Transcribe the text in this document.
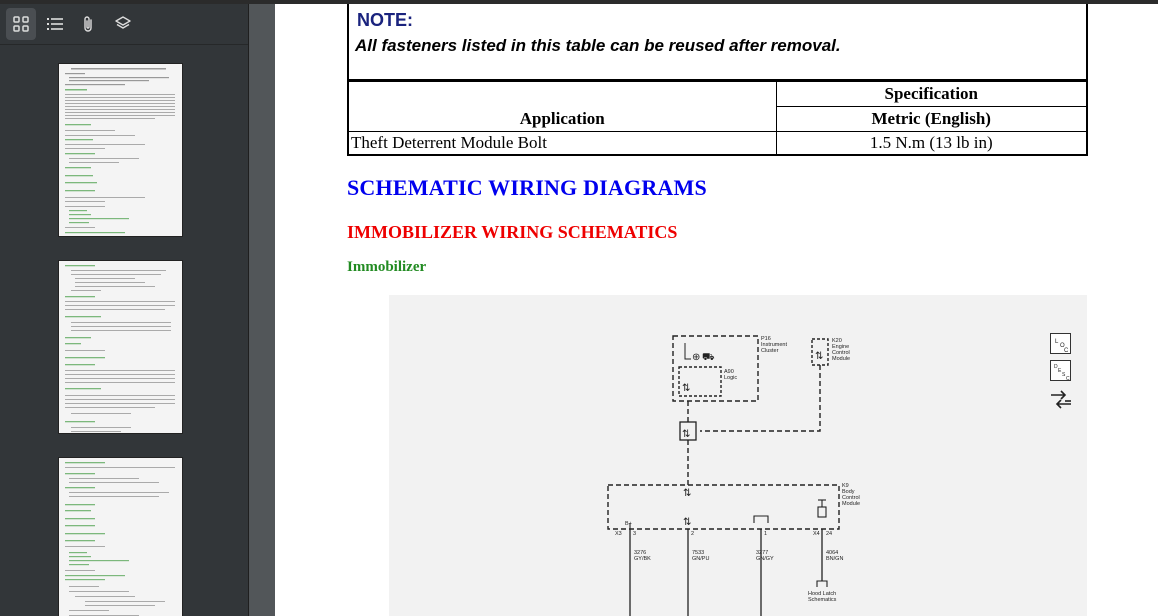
NOTE:
All fasteners listed in this table can be reused after removal.
Application	Specification
	Metric (English)
Theft Deterrent Module Bolt	1.5 N.m (13 lb in)
SCHEMATIC WIRING DIAGRAMS
IMMOBILIZER WIRING SCHEMATICS
Immobilizer
⇅
⇅
⇅
⇅
⇅
⊕ ⛟
P16
Instrument
Cluster
K20
Engine
Control
Module
A90
Logic
K9
Body
Control
Module
B+
X3 3	2	1	X4 24
3276
GY/BK
7533
GN/PU
3277
GN/GY
4064
BN/GN
Hood Latch
Schematics
L
O
C
D
E
S
C
